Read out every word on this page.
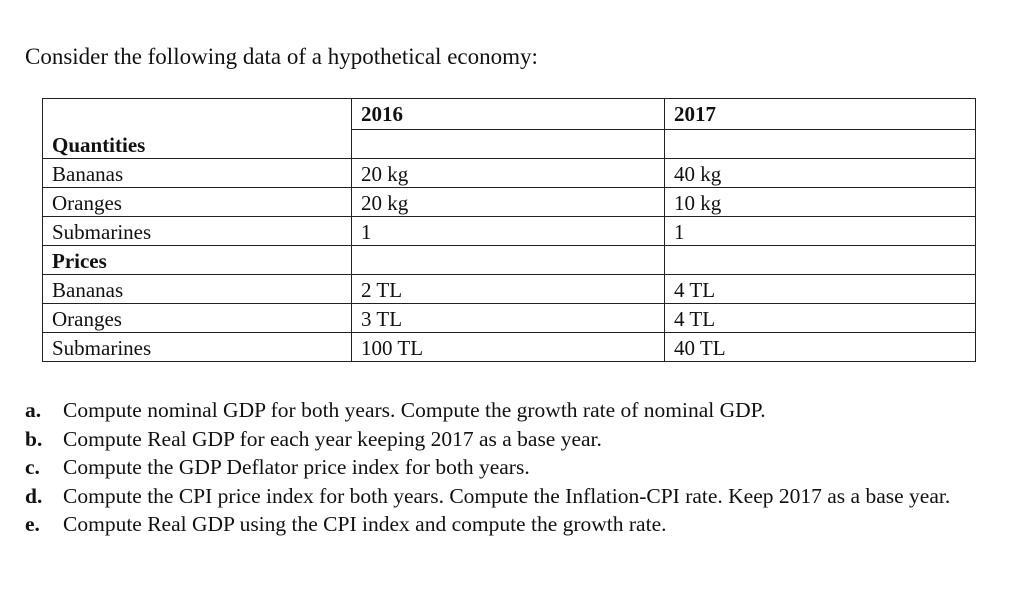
Consider the following data of a hypothetical economy:
	2016	2017
Quantities		
Bananas	20 kg	40 kg
Oranges	20 kg	10 kg
Submarines	1	1
Prices		
Bananas	2 TL	4 TL
Oranges	3 TL	4 TL
Submarines	100 TL	40 TL
a. Compute nominal GDP for both years. Compute the growth rate of nominal GDP.
b. Compute Real GDP for each year keeping 2017 as a base year.
c. Compute the GDP Deflator price index for both years.
d. Compute the CPI price index for both years. Compute the Inflation-CPI rate. Keep 2017 as a base year.
e. Compute Real GDP using the CPI index and compute the growth rate.
